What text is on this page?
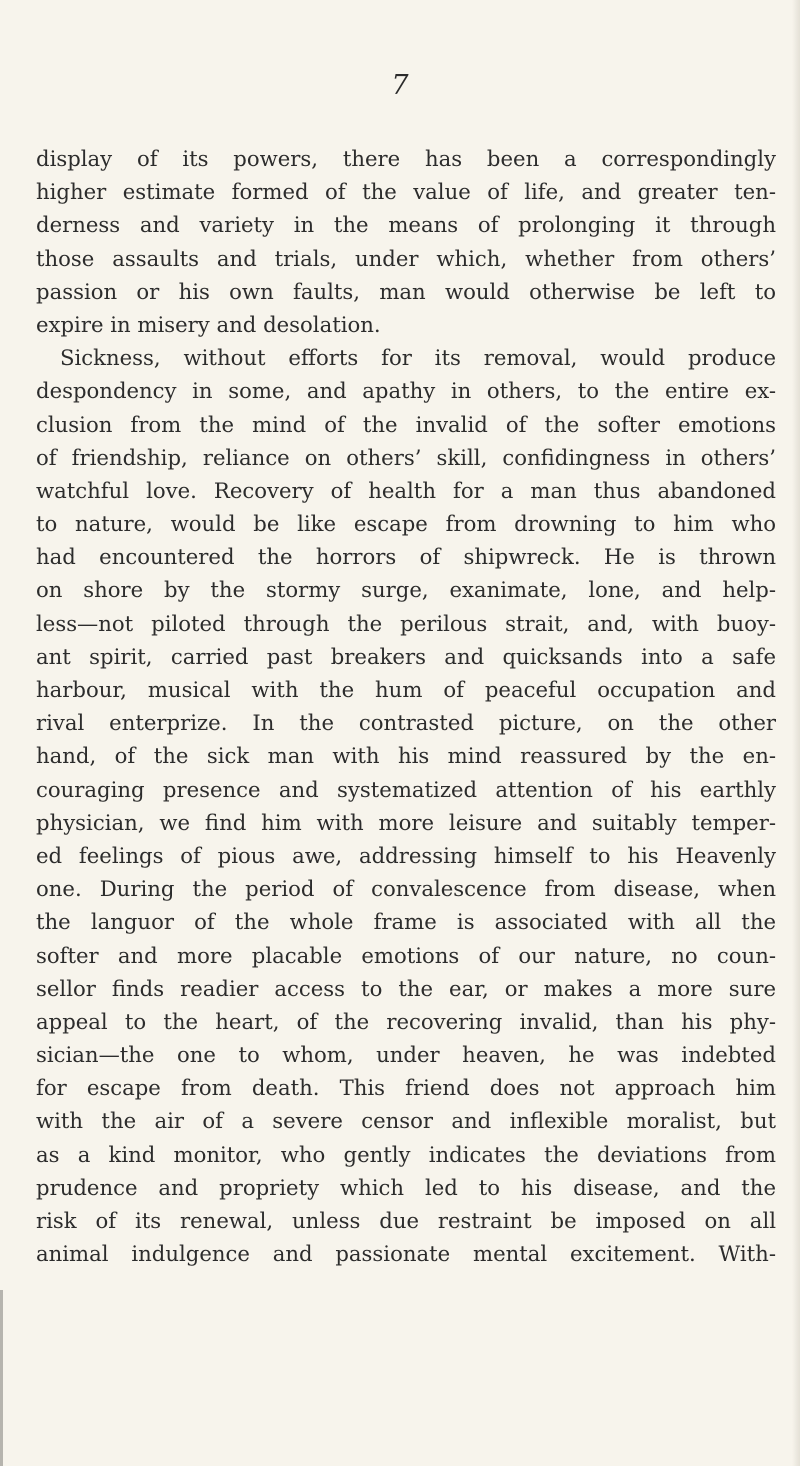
7
display of its powers, there has been a correspondingly
higher estimate formed of the value of life, and greater ten-
derness and variety in the means of prolonging it through
those assaults and trials, under which, whether from others’
passion or his own faults, man would otherwise be left to
expire in misery and desolation.
Sickness, without efforts for its removal, would produce
despondency in some, and apathy in others, to the entire ex-
clusion from the mind of the invalid of the softer emotions
of friendship, reliance on others’ skill, confidingness in others’
watchful love. Recovery of health for a man thus abandoned
to nature, would be like escape from drowning to him who
had encountered the horrors of shipwreck. He is thrown
on shore by the stormy surge, exanimate, lone, and help-
less—not piloted through the perilous strait, and, with buoy-
ant spirit, carried past breakers and quicksands into a safe
harbour, musical with the hum of peaceful occupation and
rival enterprize. In the contrasted picture, on the other
hand, of the sick man with his mind reassured by the en-
couraging presence and systematized attention of his earthly
physician, we find him with more leisure and suitably temper-
ed feelings of pious awe, addressing himself to his Heavenly
one. During the period of convalescence from disease, when
the languor of the whole frame is associated with all the
softer and more placable emotions of our nature, no coun-
sellor finds readier access to the ear, or makes a more sure
appeal to the heart, of the recovering invalid, than his phy-
sician—the one to whom, under heaven, he was indebted
for escape from death. This friend does not approach him
with the air of a severe censor and inflexible moralist, but
as a kind monitor, who gently indicates the deviations from
prudence and propriety which led to his disease, and the
risk of its renewal, unless due restraint be imposed on all
animal indulgence and passionate mental excitement. With-
